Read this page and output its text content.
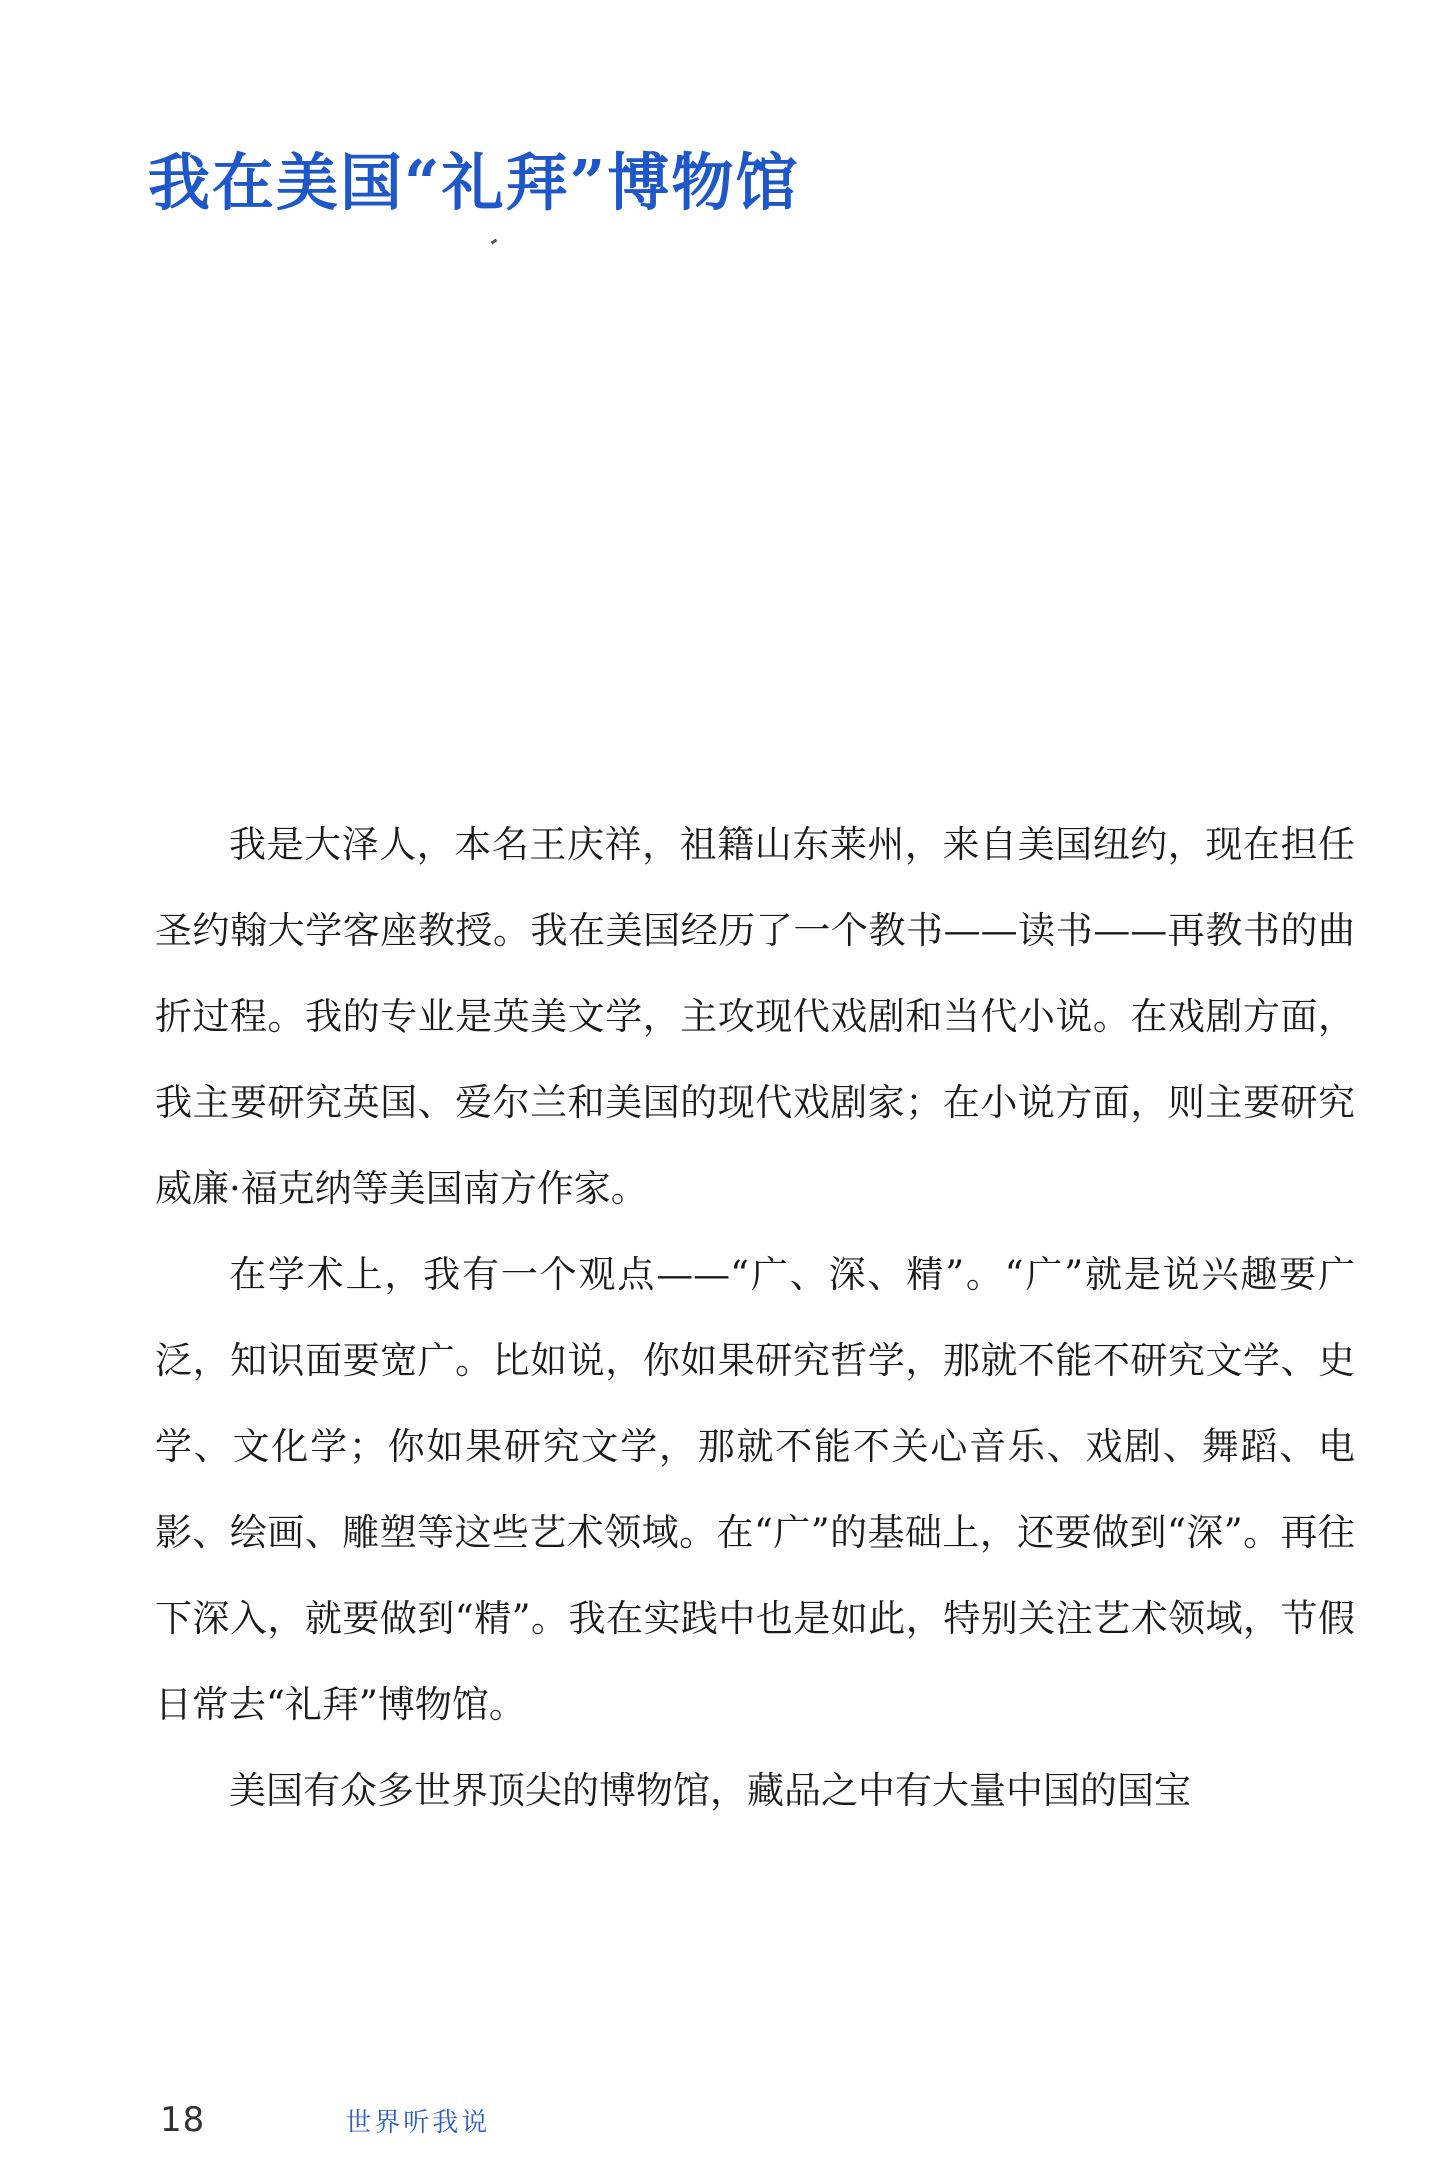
我在美国“礼拜”博物馆

我是大泽人，本名王庆祥，祖籍山东莱州，来自美国纽约，现在担任圣约翰大学客座教授。我在美国经历了一个教书——读书——再教书的曲折过程。我的专业是英美文学，主攻现代戏剧和当代小说。在戏剧方面，我主要研究英国、爱尔兰和美国的现代戏剧家；在小说方面，则主要研究威廉·福克纳等美国南方作家。

在学术上，我有一个观点——“广、深、精”。“广”就是说兴趣要广泛，知识面要宽广。比如说，你如果研究哲学，那就不能不研究文学、史学、文化学；你如果研究文学，那就不能不关心音乐、戏剧、舞蹈、电影、绘画、雕塑等这些艺术领域。在“广”的基础上，还要做到“深”。再往下深入，就要做到“精”。我在实践中也是如此，特别关注艺术领域，节假日常去“礼拜”博物馆。

美国有众多世界顶尖的博物馆，藏品之中有大量中国的国宝

18	世界听我说
